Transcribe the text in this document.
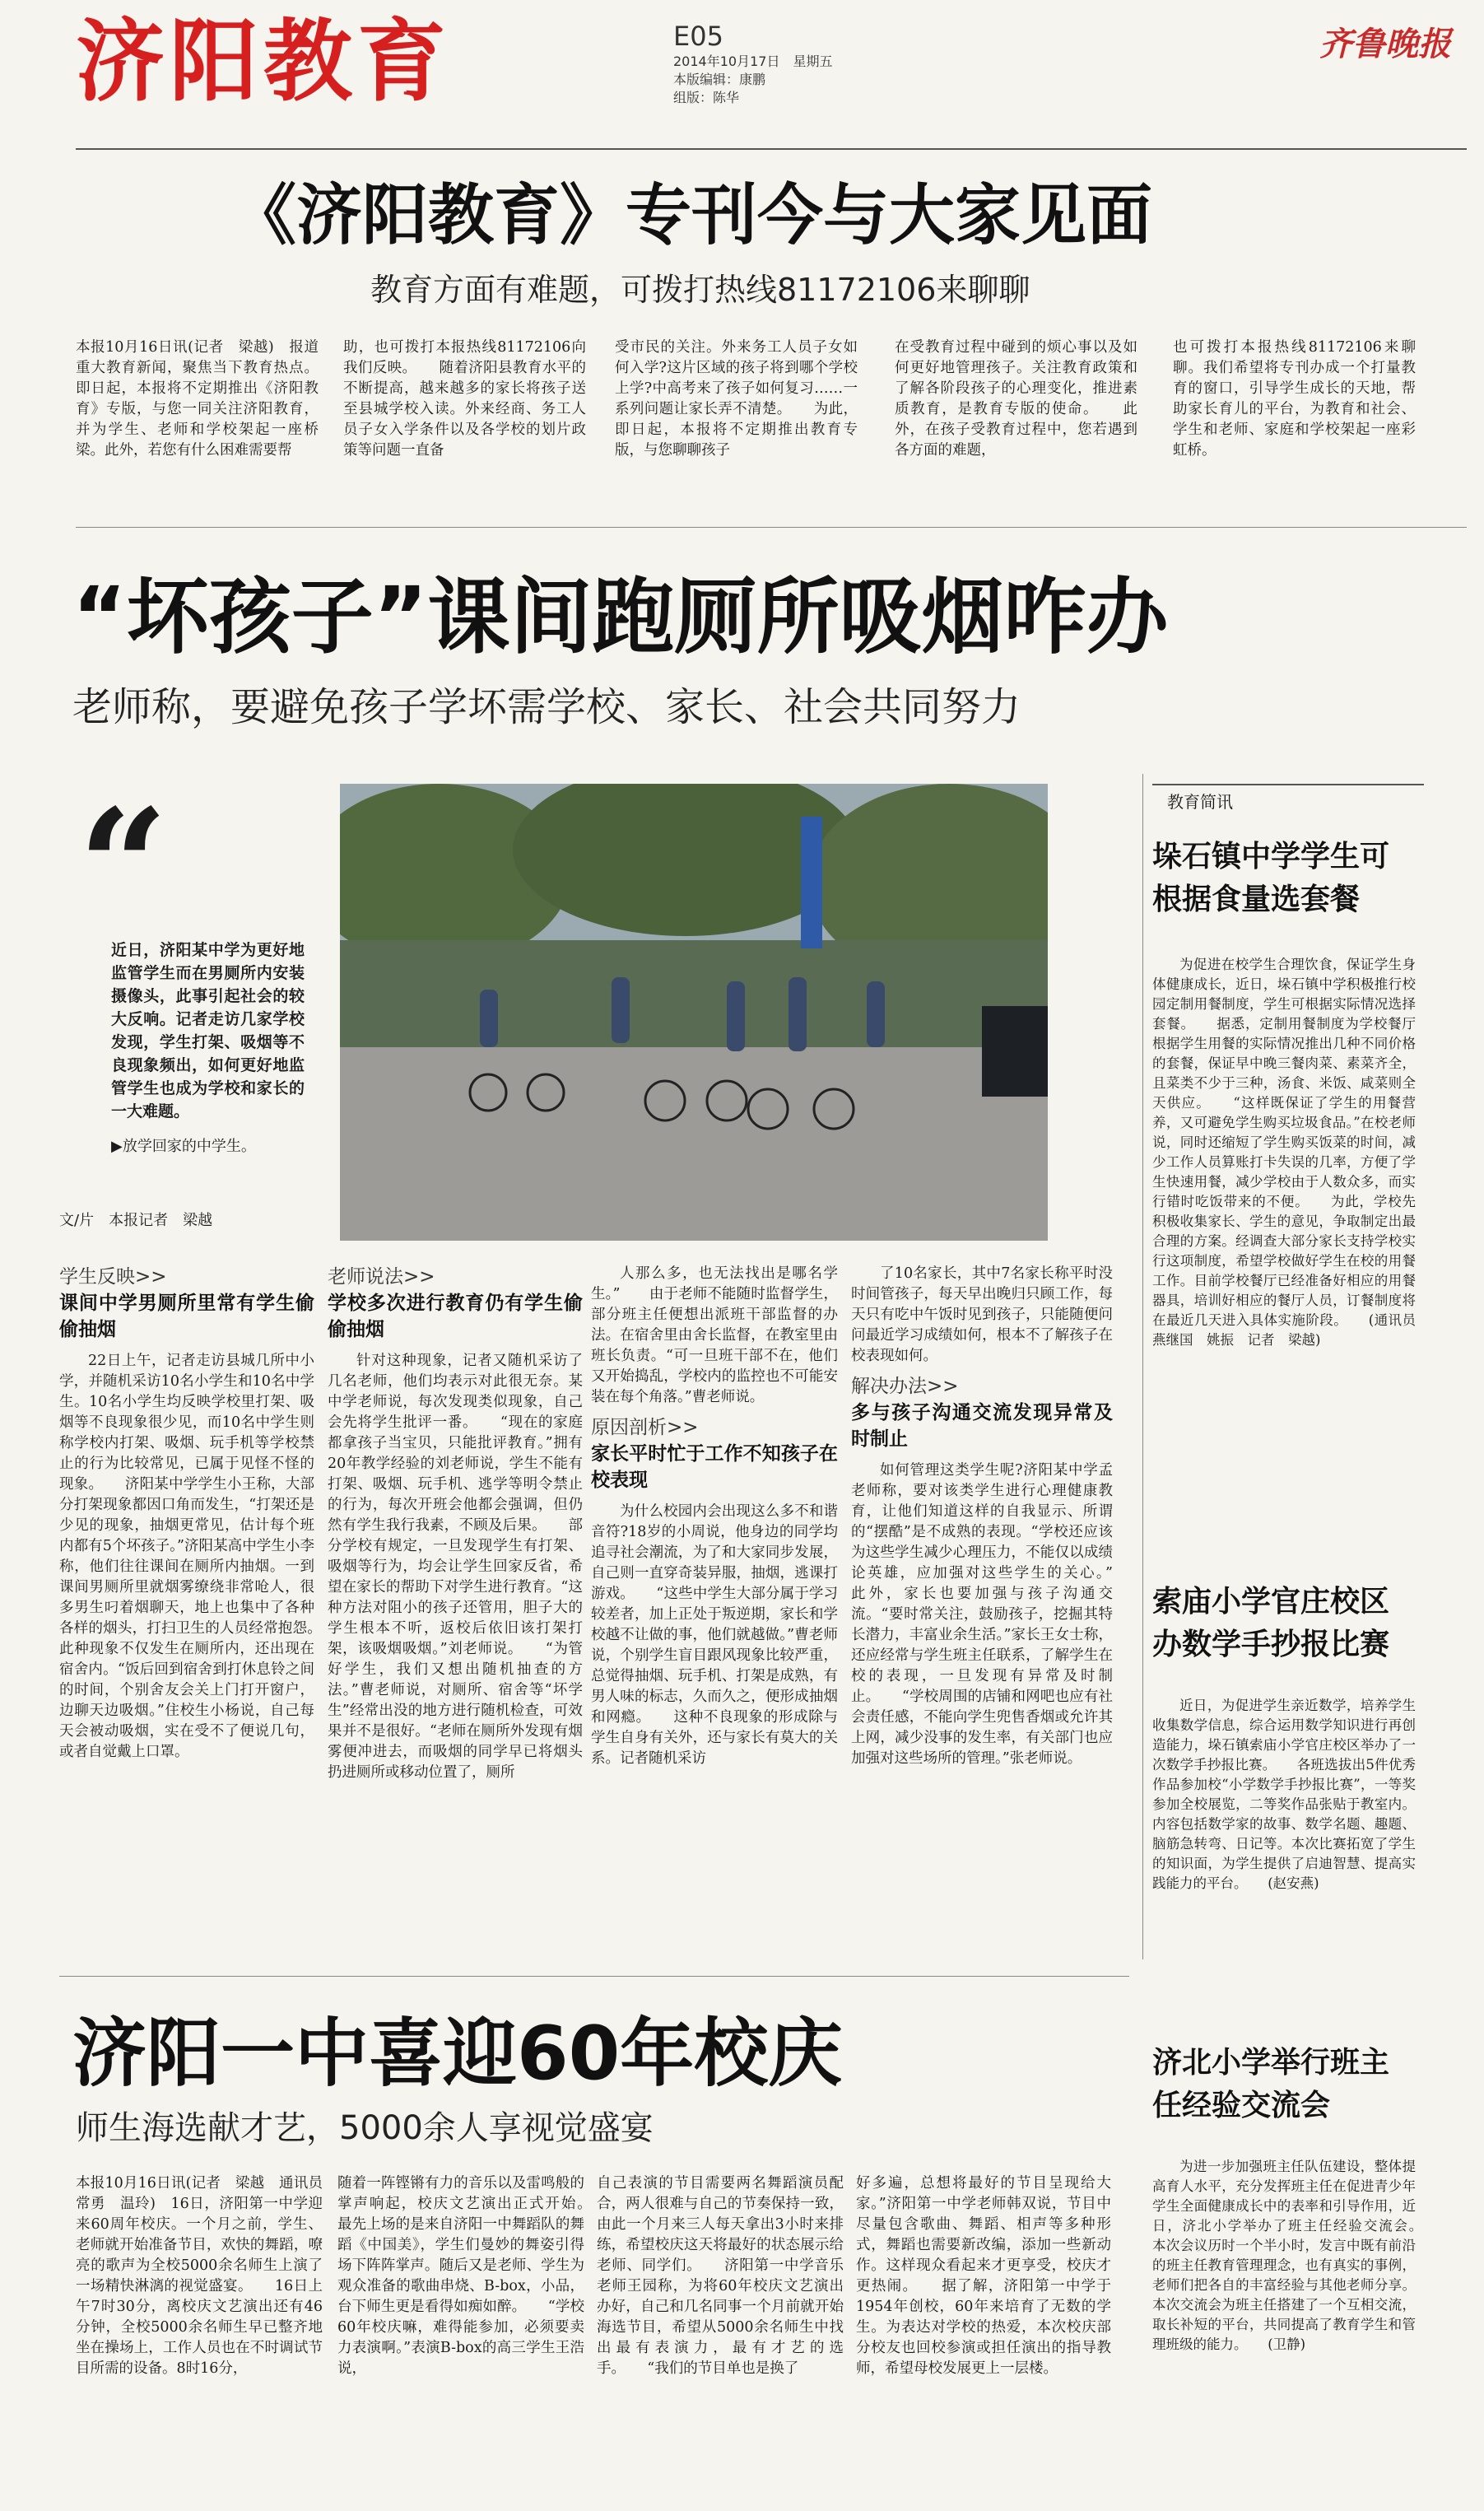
济阳教育	E05
2014年10月17日　星期五
本版编辑：康鹏
组版：陈华
齐鲁晚报
《济阳教育》专刊今与大家见面
教育方面有难题，可拨打热线81172106来聊聊
本报10月16日讯(记者　梁越)　报道重大教育新闻，聚焦当下教育热点。即日起，本报将不定期推出《济阳教育》专版，与您一同关注济阳教育，并为学生、老师和学校架起一座桥梁。此外，若您有什么困难需要帮
助，也可拨打本报热线81172106向我们反映。　　随着济阳县教育水平的不断提高，越来越多的家长将孩子送至县城学校入读。外来经商、务工人员子女入学条件以及各学校的划片政策等问题一直备
受市民的关注。外来务工人员子女如何入学?这片区域的孩子将到哪个学校上学?中高考来了孩子如何复习……一系列问题让家长弄不清楚。　　为此，即日起，本报将不定期推出教育专版，与您聊聊孩子
在受教育过程中碰到的烦心事以及如何更好地管理孩子。关注教育政策和了解各阶段孩子的心理变化，推进素质教育，是教育专版的使命。　　此外，在孩子受教育过程中，您若遇到各方面的难题，
也可拨打本报热线81172106来聊聊。我们希望将专刊办成一个打量教育的窗口，引导学生成长的天地，帮助家长育儿的平台，为教育和社会、学生和老师、家庭和学校架起一座彩虹桥。
“坏孩子”课间跑厕所吸烟咋办
老师称，要避免孩子学坏需学校、家长、社会共同努力
“
近日，济阳某中学为更好地监管学生而在男厕所内安装摄像头，此事引起社会的较大反响。记者走访几家学校发现，学生打架、吸烟等不良现象频出，如何更好地监管学生也成为学校和家长的一大难题。
▶放学回家的中学生。
文/片　本报记者　梁越
学生反映>>
课间中学男厕所里常有学生偷偷抽烟

22日上午，记者走访县城几所中小学，并随机采访10名小学生和10名中学生。10名小学生均反映学校里打架、吸烟等不良现象很少见，而10名中学生则称学校内打架、吸烟、玩手机等学校禁止的行为比较常见，已属于见怪不怪的现象。　　济阳某中学学生小王称，大部分打架现象都因口角而发生，“打架还是少见的现象，抽烟更常见，估计每个班内都有5个坏孩子。”济阳某高中学生小李称，他们往往课间在厕所内抽烟。一到课间男厕所里就烟雾缭绕非常呛人，很多男生叼着烟聊天，地上也集中了各种各样的烟头，打扫卫生的人员经常抱怨。　　此种现象不仅发生在厕所内，还出现在宿舍内。“饭后回到宿舍到打休息铃之间的时间，个别舍友会关上门打开窗户，边聊天边吸烟。”住校生小杨说，自己每天会被动吸烟，实在受不了便说几句，或者自觉戴上口罩。

老师说法>>
学校多次进行教育仍有学生偷偷抽烟

针对这种现象，记者又随机采访了几名老师，他们均表示对此很无奈。某中学老师说，每次发现类似现象，自己会先将学生批评一番。　　“现在的家庭都拿孩子当宝贝，只能批评教育。”拥有20年教学经验的刘老师说，学生不能有打架、吸烟、玩手机、逃学等明令禁止的行为，每次开班会他都会强调，但仍然有学生我行我素，不顾及后果。　　部分学校有规定，一旦发现学生有打架、吸烟等行为，均会让学生回家反省，希望在家长的帮助下对学生进行教育。“这种方法对阻小的孩子还管用，胆子大的学生根本不听，返校后依旧该打架打架，该吸烟吸烟。”刘老师说。　　“为管好学生，我们又想出随机抽查的方法。”曹老师说，对厕所、宿舍等“坏学生”经常出没的地方进行随机检查，可效果并不是很好。“老师在厕所外发现有烟雾便冲进去，而吸烟的同学早已将烟头扔进厕所或移动位置了，厕所

人那么多，也无法找出是哪名学生。”　　由于老师不能随时监督学生，部分班主任便想出派班干部监督的办法。在宿舍里由舍长监督，在教室里由班长负责。“可一旦班干部不在，他们又开始捣乱，学校内的监控也不可能安装在每个角落。”曹老师说。

原因剖析>>
家长平时忙于工作不知孩子在校表现

为什么校园内会出现这么多不和谐音符?18岁的小周说，他身边的同学均追寻社会潮流，为了和大家同步发展，自己则一直穿奇装异服，抽烟，逃课打游戏。　　“这些中学生大部分属于学习较差者，加上正处于叛逆期，家长和学校越不让做的事，他们就越做。”曹老师说，个别学生盲目跟风现象比较严重，总觉得抽烟、玩手机、打架是成熟，有男人味的标志，久而久之，便形成抽烟和网瘾。　　这种不良现象的形成除与学生自身有关外，还与家长有莫大的关系。记者随机采访

了10名家长，其中7名家长称平时没时间管孩子，每天早出晚归只顾工作，每天只有吃中午饭时见到孩子，只能随便问问最近学习成绩如何，根本不了解孩子在校表现如何。

解决办法>>
多与孩子沟通交流发现异常及时制止

如何管理这类学生呢?济阳某中学孟老师称，要对该类学生进行心理健康教育，让他们知道这样的自我显示、所谓的“摆酷”是不成熟的表现。“学校还应该为这些学生减少心理压力，不能仅以成绩论英雄，应加强对这些学生的关心。”　　此外，家长也要加强与孩子沟通交流。“要时常关注，鼓励孩子，挖掘其特长潜力，丰富业余生活。”家长王女士称，还应经常与学生班主任联系，了解学生在校的表现，一旦发现有异常及时制止。　　“学校周围的店铺和网吧也应有社会责任感，不能向学生兜售香烟或允许其上网，减少没事的发生率，有关部门也应加强对这些场所的管理。”张老师说。

教育简讯
垛石镇中学学生可根据食量选套餐

为促进在校学生合理饮食，保证学生身体健康成长，近日，垛石镇中学积极推行校园定制用餐制度，学生可根据实际情况选择套餐。　　据悉，定制用餐制度为学校餐厅根据学生用餐的实际情况推出几种不同价格的套餐，保证早中晚三餐肉菜、素菜齐全，且菜类不少于三种，汤食、米饭、咸菜则全天供应。　　“这样既保证了学生的用餐营养，又可避免学生购买垃圾食品。”在校老师说，同时还缩短了学生购买饭菜的时间，减少工作人员算账打卡失误的几率，方便了学生快速用餐，减少学校由于人数众多，而实行错时吃饭带来的不便。　　为此，学校先积极收集家长、学生的意见，争取制定出最合理的方案。经调查大部分家长支持学校实行这项制度，希望学校做好学生在校的用餐工作。目前学校餐厅已经准备好相应的用餐器具，培训好相应的餐厅人员，订餐制度将在最近几天进入具体实施阶段。　　(通讯员　燕继国　姚振　记者　梁越)

索庙小学官庄校区办数学手抄报比赛

近日，为促进学生亲近数学，培养学生收集数学信息，综合运用数学知识进行再创造能力，垛石镇索庙小学官庄校区举办了一次数学手抄报比赛。　　各班选拔出5件优秀作品参加校“小学数学手抄报比赛”，一等奖参加全校展览，二等奖作品张贴于教室内。内容包括数学家的故事、数学名题、趣题、脑筋急转弯、日记等。本次比赛拓宽了学生的知识面，为学生提供了启迪智慧、提高实践能力的平台。　　(赵安燕)

济北小学举行班主任经验交流会

为进一步加强班主任队伍建设，整体提高育人水平，充分发挥班主任在促进青少年学生全面健康成长中的表率和引导作用，近日，济北小学举办了班主任经验交流会。　　本次会议历时一个半小时，发言中既有前沿的班主任教育管理理念，也有真实的事例，老师们把各自的丰富经验与其他老师分享。本次交流会为班主任搭建了一个互相交流，取长补短的平台，共同提高了教育学生和管理班级的能力。　　(卫静)

济阳一中喜迎60年校庆
师生海选献才艺，5000余人享视觉盛宴
本报10月16日讯(记者　梁越　通讯员　常勇　温玲)　16日，济阳第一中学迎来60周年校庆。一个月之前，学生、老师就开始准备节目，欢快的舞蹈，嘹亮的歌声为全校5000余名师生上演了一场精快淋漓的视觉盛宴。　　16日上午7时30分，离校庆文艺演出还有46分钟，全校5000余名师生早已整齐地坐在操场上，工作人员也在不时调试节目所需的设备。8时16分，
随着一阵铿锵有力的音乐以及雷鸣般的掌声响起，校庆文艺演出正式开始。　　最先上场的是来自济阳一中舞蹈队的舞蹈《中国美》，学生们曼妙的舞姿引得场下阵阵掌声。随后又是老师、学生为观众准备的歌曲串烧、B-box，小品，台下师生更是看得如痴如醉。　　“学校60年校庆嘛，难得能参加，必须要卖力表演啊。”表演B-box的高三学生王浩说，
自己表演的节目需要两名舞蹈演员配合，两人很难与自己的节奏保持一致，由此一个月来三人每天拿出3小时来排练，希望校庆这天将最好的状态展示给老师、同学们。　　济阳第一中学音乐老师王园称，为将60年校庆文艺演出办好，自己和几名同事一个月前就开始海选节目，希望从5000余名师生中找出最有表演力，最有才艺的选手。　　“我们的节目单也是换了
好多遍，总想将最好的节目呈现给大家。”济阳第一中学老师韩双说，节目中尽量包含歌曲、舞蹈、相声等多种形式，舞蹈也需要新改编，添加一些新动作。这样现众看起来才更享受，校庆才更热闹。　　据了解，济阳第一中学于1954年创校，60年来培育了无数的学生。为表达对学校的热爱，本次校庆部分校友也回校参演或担任演出的指导教师，希望母校发展更上一层楼。
